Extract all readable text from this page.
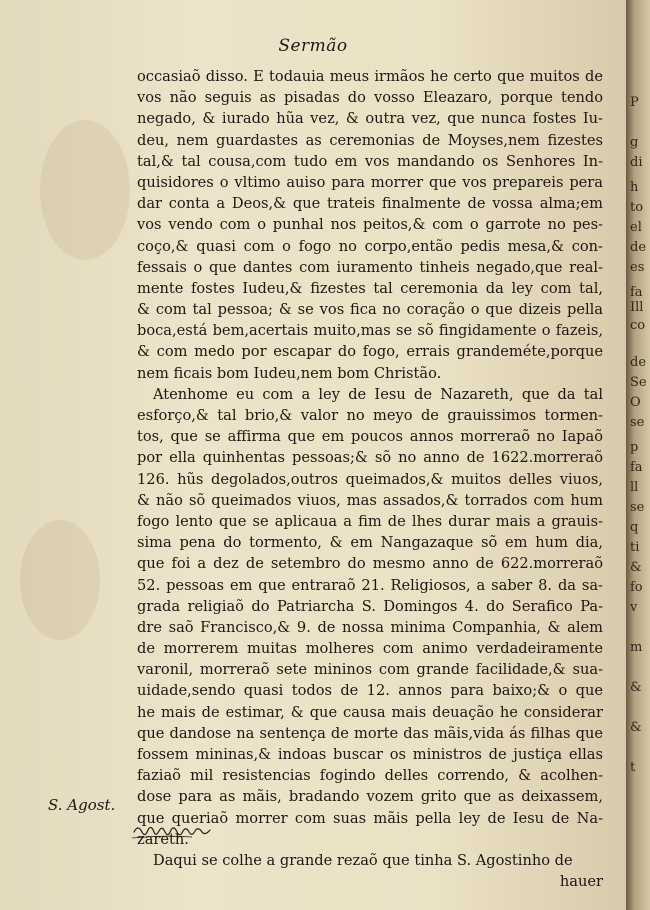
Sermão
occasiaõ disso. E todauia meus irmãos he certo que muitos de
vos não seguis as pisadas do vosso Eleazaro, porque tendo
negado, & iurado hũa vez, & outra vez, que nunca fostes Iu-
deu, nem guardastes as ceremonias de Moyses,nem fizestes
tal,& tal cousa,com tudo em vos mandando os Senhores In-
quisidores o vltimo auiso para morrer que vos prepareis pera
dar conta a Deos,& que trateis finalmente de vossa alma;em
vos vendo com o punhal nos peitos,& com o garrote no pes-
coço,& quasi com o fogo no corpo,então pedis mesa,& con-
fessais o que dantes com iuramento tinheis negado,que real-
mente fostes Iudeu,& fizestes tal ceremonia da ley com tal,
& com tal pessoa; & se vos fica no coração o que dizeis pella
boca,está bem,acertais muito,mas se sõ fingidamente o fazeis,
& com medo por escapar do fogo, errais grandeméte,porque
nem ficais bom Iudeu,nem bom Christão.
Atenhome eu com a ley de Iesu de Nazareth, que da tal
esforço,& tal brio,& valor no meyo de grauissimos tormen-
tos, que se affirma que em poucos annos morreraõ no Iapaõ
por ella quinhentas pessoas;& sõ no anno de 1622.morreraõ
126. hũs degolados,outros queimados,& muitos delles viuos,
& não sõ queimados viuos, mas assados,& torrados com hum
fogo lento que se aplicaua a fim de lhes durar mais a grauis-
sima pena do tormento, & em Nangazaque sõ em hum dia,
que foi a dez de setembro do mesmo anno de 622.morreraõ
52. pessoas em que entraraõ 21. Religiosos, a saber 8. da sa-
grada religiaõ do Patriarcha S. Domingos 4. do Serafico Pa-
dre saõ Francisco,& 9. de nossa minima Companhia, & alem
de morrerem muitas molheres com animo verdadeiramente
varonil, morreraõ sete mininos com grande facilidade,& sua-
uidade,sendo quasi todos de 12. annos para baixo;& o que
he mais de estimar, & que causa mais deuação he considerar
que dandose na sentença de morte das mãis,vida ás filhas que
fossem mininas,& indoas buscar os ministros de justiça ellas
faziaõ mil resistencias fogindo delles correndo, & acolhen-
dose para as mãis, bradando vozem grito que as deixassem,
que queriaõ morrer com suas mãis pella ley de Iesu de Na-
zareth.
Daqui se colhe a grande rezaõ que tinha S. Agostinho de
hauer
S. Agost.
P
g
di
h
to
el
de
es
fa
Ill
co
de
Se
O
se
p
fa
ll
se
q
ti
&
fo
v
m
&
&
t
